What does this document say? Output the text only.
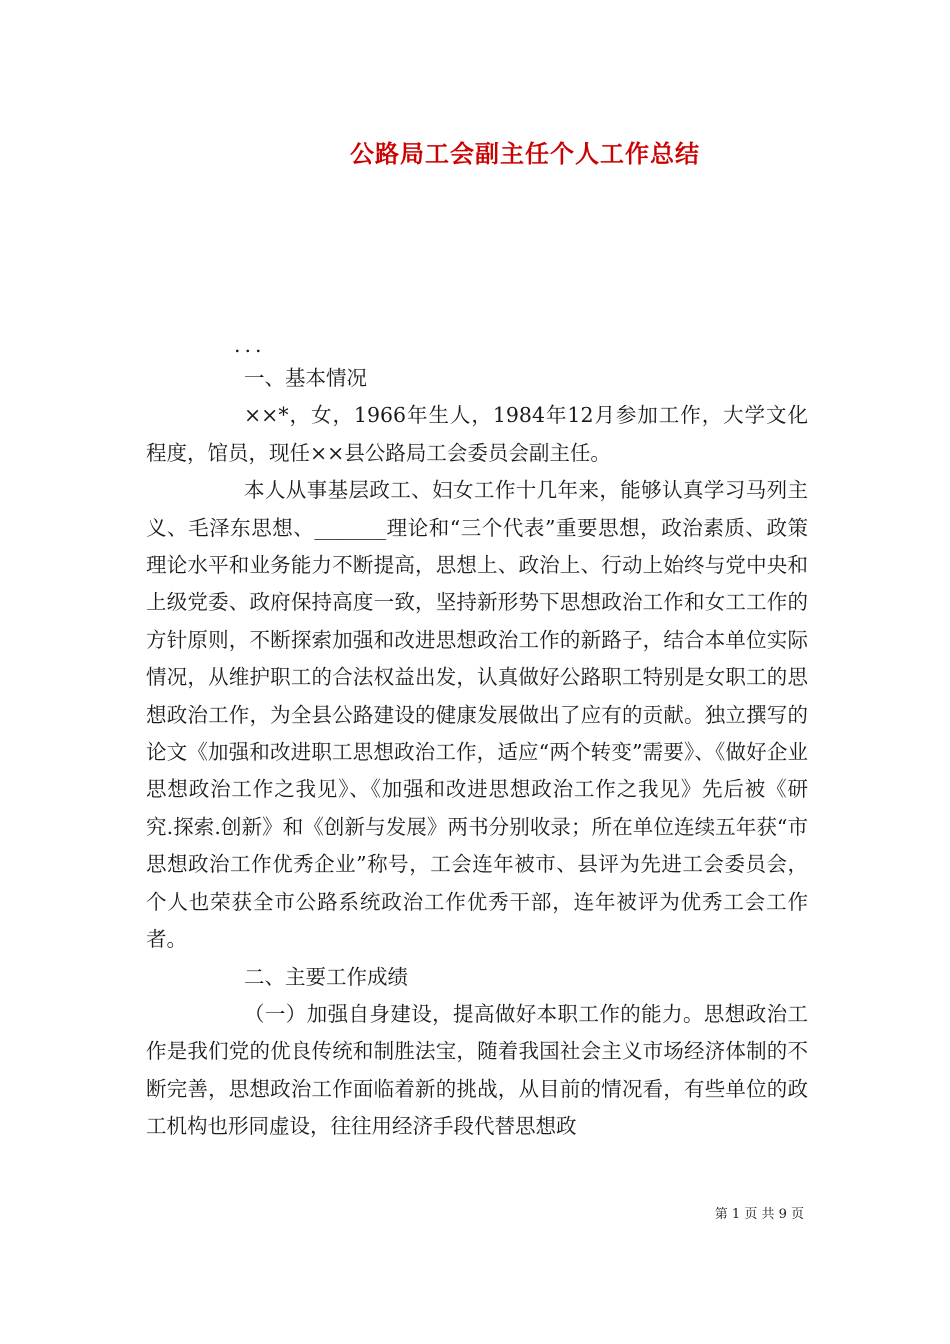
公路局工会副主任个人工作总结

...

一、基本情况

××*，女，1966年生人，1984年12月参加工作，大学文化程度，馆员，现任××县公路局工会委员会副主任。

本人从事基层政工、妇女工作十几年来，能够认真学习马列主义、毛泽东思想、_______理论和“三个代表”重要思想，政治素质、政策理论水平和业务能力不断提高，思想上、政治上、行动上始终与党中央和上级党委、政府保持高度一致，坚持新形势下思想政治工作和女工工作的方针原则，不断探索加强和改进思想政治工作的新路子，结合本单位实际情况，从维护职工的合法权益出发，认真做好公路职工特别是女职工的思想政治工作，为全县公路建设的健康发展做出了应有的贡献。独立撰写的论文《加强和改进职工思想政治工作，适应“两个转变”需要》、《做好企业思想政治工作之我见》、《加强和改进思想政治工作之我见》先后被《研究.探索.创新》和《创新与发展》两书分别收录；所在单位连续五年获“市思想政治工作优秀企业”称号，工会连年被市、县评为先进工会委员会，个人也荣获全市公路系统政治工作优秀干部，连年被评为优秀工会工作者。

二、主要工作成绩

（一）加强自身建设，提高做好本职工作的能力。思想政治工作是我们党的优良传统和制胜法宝，随着我国社会主义市场经济体制的不断完善，思想政治工作面临着新的挑战，从目前的情况看，有些单位的政工机构也形同虚设，往往用经济手段代替思想政

第 1 页 共 9 页
